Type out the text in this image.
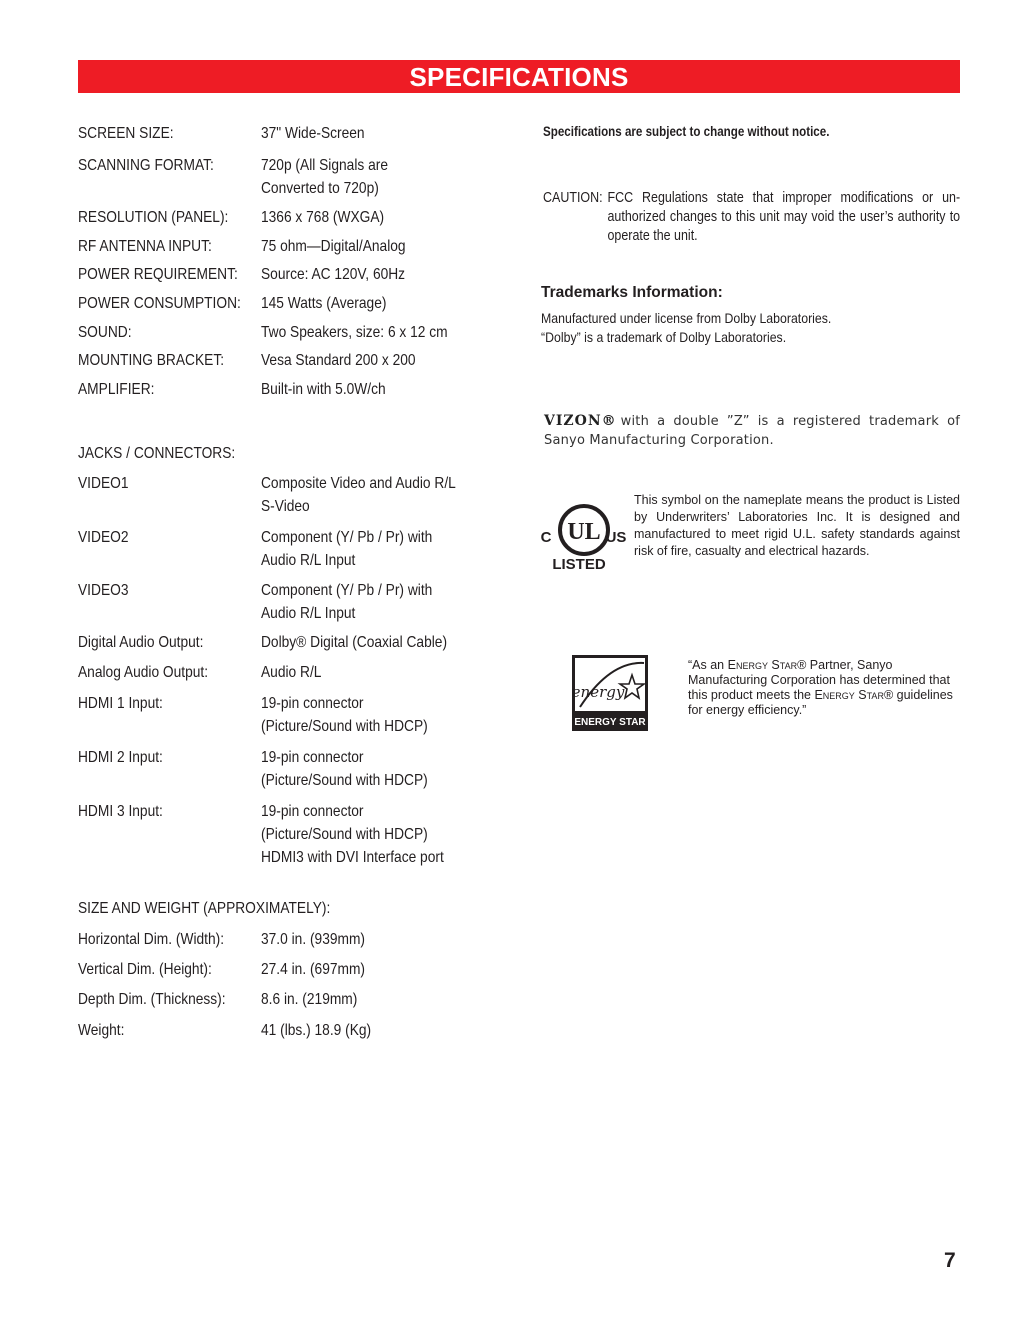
SPECIFICATIONS
SCREEN SIZE:	37" Wide-Screen
SCANNING FORMAT:	720p (All Signals are
Converted to 720p)
RESOLUTION (PANEL): 1366 x 768 (WXGA)
RF ANTENNA INPUT:	75 ohm—Digital/Analog
POWER REQUIREMENT: Source: AC 120V, 60Hz
POWER CONSUMPTION: 145 Watts (Average)
SOUND:	Two Speakers, size: 6 x 12 cm
MOUNTING BRACKET: Vesa Standard 200 x 200
AMPLIFIER:	Built-in with 5.0W/ch
JACKS / CONNECTORS:
VIDEO1	Composite Video and Audio R/L
S-Video
VIDEO2	Component (Y/ Pb / Pr) with
Audio R/L Input
VIDEO3	Component (Y/ Pb / Pr) with
Audio R/L Input
Digital Audio Output:	Dolby® Digital (Coaxial Cable)
Analog Audio Output:	Audio R/L
HDMI 1 Input:	19-pin connector
(Picture/Sound with HDCP)
HDMI 2 Input:	19-pin connector
(Picture/Sound with HDCP)
HDMI 3 Input:	19-pin connector
(Picture/Sound with HDCP)
HDMI3 with DVI Interface port
SIZE AND WEIGHT (APPROXIMATELY):
Horizontal Dim. (Width): 37.0 in. (939mm)
Vertical Dim. (Height):	27.4 in. (697mm)
Depth Dim. (Thickness): 8.6 in. (219mm)
Weight:	41 (lbs.) 18.9 (Kg)
Specifications are subject to change without notice.
CAUTION: FCC Regulations state that improper modifications or un-authorized changes to this unit may void the user’s authority to operate the unit.
Trademarks Information:
Manufactured under license from Dolby Laboratories.
“Dolby” is a trademark of Dolby Laboratories.
VIZON® with a double ”Z” is a registered trademark of Sanyo Manufacturing Corporation.
UL
C	US
LISTED
This symbol on the nameplate means the product is Listed by Underwriters’ Laboratories Inc. It is designed and manufactured to meet rigid U.L. safety standards against risk of fire, casualty and electrical hazards.
energy
ENERGY STAR
“As an Energy Star® Partner, Sanyo Manufacturing Corporation has determined that this product meets the Energy Star® guidelines for energy efficiency.”
7
